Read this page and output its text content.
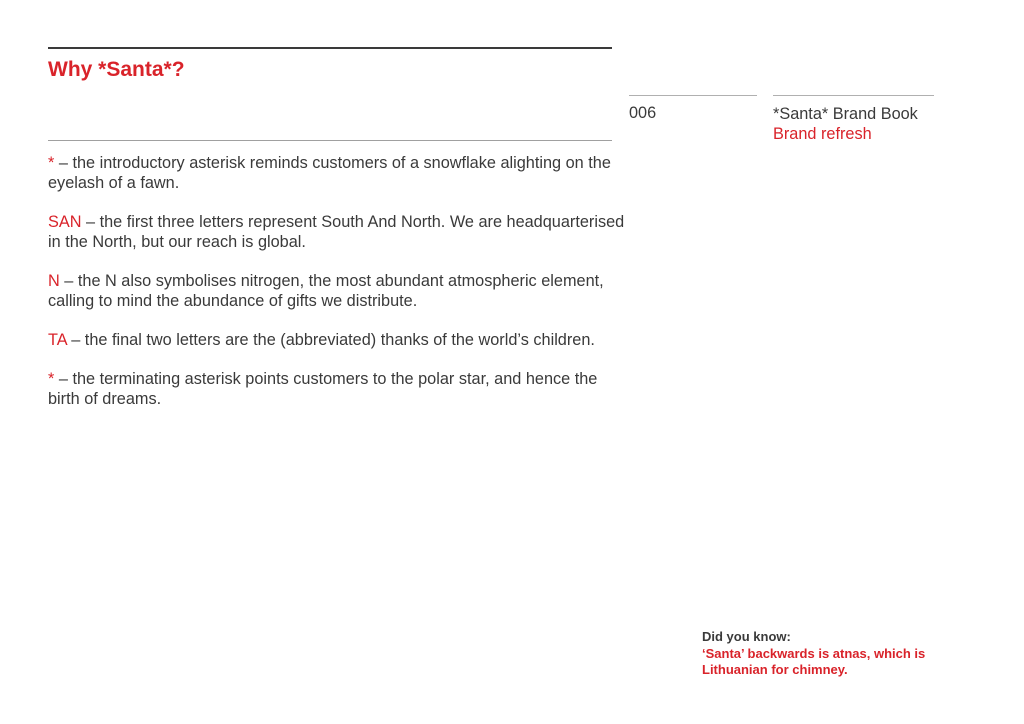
Why *Santa*?
* – the introductory asterisk reminds customers of a snowflake alighting on the eyelash of a fawn.
SAN – the first three letters represent South And North. We are headquarterised in the North, but our reach is global.
N – the N also symbolises nitrogen, the most abundant atmospheric element, calling to mind the abundance of gifts we distribute.
TA – the final two letters are the (abbreviated) thanks of the world’s children.
* – the terminating asterisk points customers to the polar star, and hence the birth of dreams.
006	*Santa* Brand Book
Brand refresh
Did you know:
‘Santa’ backwards is atnas, which is Lithuanian for chimney.
